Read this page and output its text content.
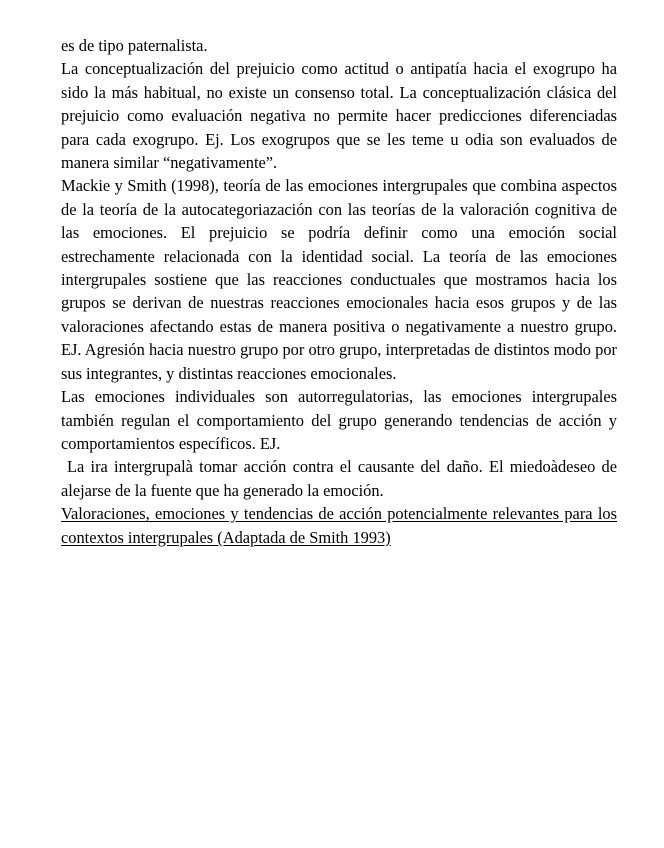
es de tipo paternalista.

La conceptualización del prejuicio como actitud o antipatía hacia el exogrupo ha sido la más habitual, no existe un consenso total. La conceptualización clásica del prejuicio como evaluación negativa no permite hacer predicciones diferenciadas para cada exogrupo. Ej. Los exogrupos que se les teme u odia son evaluados de manera similar “negativamente”.

Mackie y Smith (1998), teoría de las emociones intergrupales que combina aspectos de la teoría de la autocategoriazación con las teorías de la valoración cognitiva de las emociones. El prejuicio se podría definir como una emoción social estrechamente relacionada con la identidad social. La teoría de las emociones intergrupales sostiene que las reacciones conductuales que mostramos hacia los grupos se derivan de nuestras reacciones emocionales hacia esos grupos y de las valoraciones afectando estas de manera positiva o negativamente a nuestro grupo. EJ. Agresión hacia nuestro grupo por otro grupo, interpretadas de distintos modo por sus integrantes, y distintas reacciones emocionales.

Las emociones individuales son autorregulatorias, las emociones intergrupales también regulan el comportamiento del grupo generando tendencias de acción y comportamientos específicos. EJ.

La ira intergrupalà tomar acción contra el causante del daño. El miedoàdeseo de alejarse de la fuente que ha generado la emoción.

Valoraciones, emociones y tendencias de acción potencialmente relevantes para los contextos intergrupales (Adaptada de Smith 1993)
